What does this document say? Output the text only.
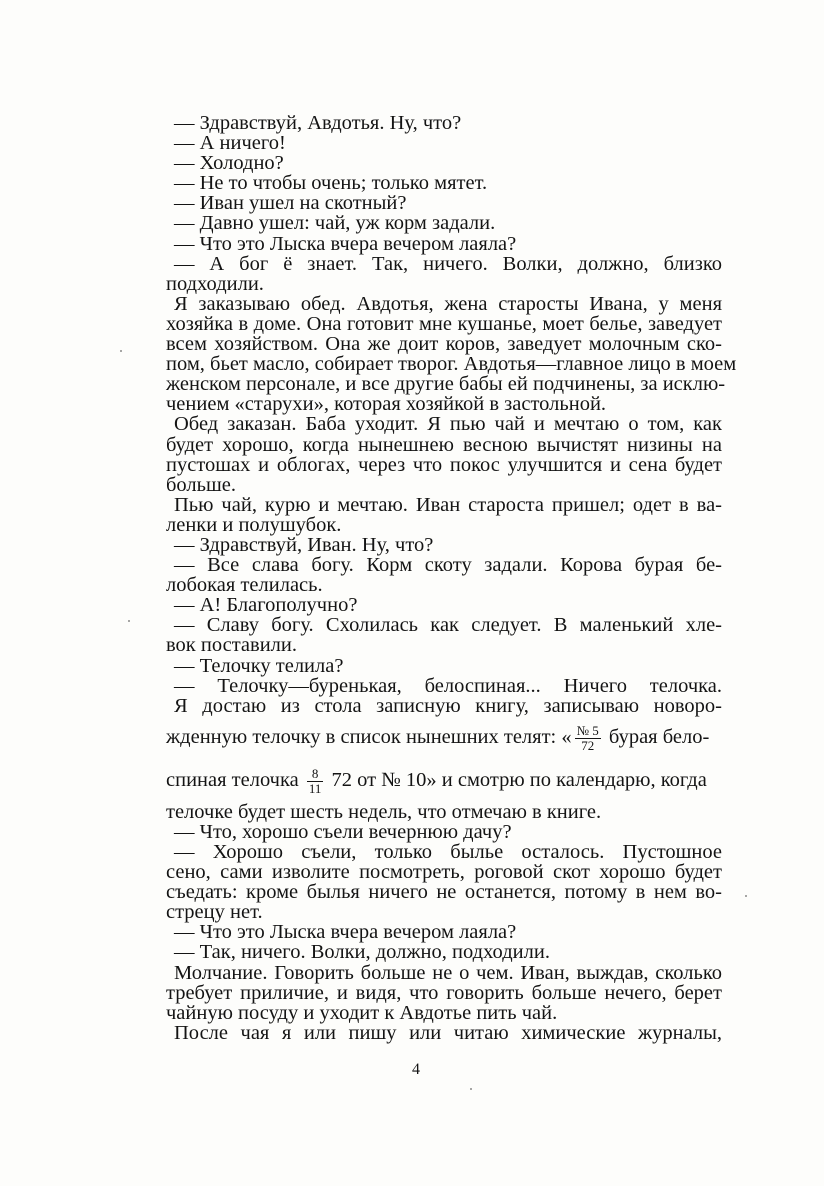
— Здравствуй, Авдотья. Ну, что?
— А ничего!
— Холодно?
— Не то чтобы очень; только мятет.
— Иван ушел на скотный?
— Давно ушел: чай, уж корм задали.
— Что это Лыска вчера вечером лаяла?
— А бог ё знает. Так, ничего. Волки, должно, близко
подходили.
Я заказываю обед. Авдотья, жена старосты Ивана, у меня
хозяйка в доме. Она готовит мне кушанье, моет белье, заведует
всем хозяйством. Она же доит коров, заведует молочным ско-
пом, бьет масло, собирает творог. Авдотья—главное лицо в моем
женском персонале, и все другие бабы ей подчинены, за исклю-
чением «старухи», которая хозяйкой в застольной.
Обед заказан. Баба уходит. Я пью чай и мечтаю о том, как
будет хорошо, когда нынешнею весною вычистят низины на
пустошах и облогах, через что покос улучшится и сена будет
больше.
Пью чай, курю и мечтаю. Иван староста пришел; одет в ва-
ленки и полушубок.
— Здравствуй, Иван. Ну, что?
— Все слава богу. Корм скоту задали. Корова бурая бе-
лобокая телилась.
— А! Благополучно?
— Славу богу. Схолилась как следует. В маленький хле-
вок поставили.
— Телочку телила?
— Телочку—буренькая, белоспиная... Ничего телочка.
Я достаю из стола записную книгу, записываю новоро-
жденную телочку в список нынешних телят: « $\frac{№ 5}{72}$ бурая бело-
спиная телочка $\frac{8}{11} 72$ от № 10» и смотрю по календарю, когда
телочке будет шесть недель, что отмечаю в книге.
— Что, хорошо съели вечернюю дачу?
— Хорошо съели, только былье осталось. Пустошное
сено, сами изволите посмотреть, роговой скот хорошо будет
съедать: кроме былья ничего не останется, потому в нем во-
стрецу нет.
— Что это Лыска вчера вечером лаяла?
— Так, ничего. Волки, должно, подходили.
Молчание. Говорить больше не о чем. Иван, выждав, сколько
требует приличие, и видя, что говорить больше нечего, берет
чайную посуду и уходит к Авдотье пить чай.
После чая я или пишу или читаю химические журналы,
4
